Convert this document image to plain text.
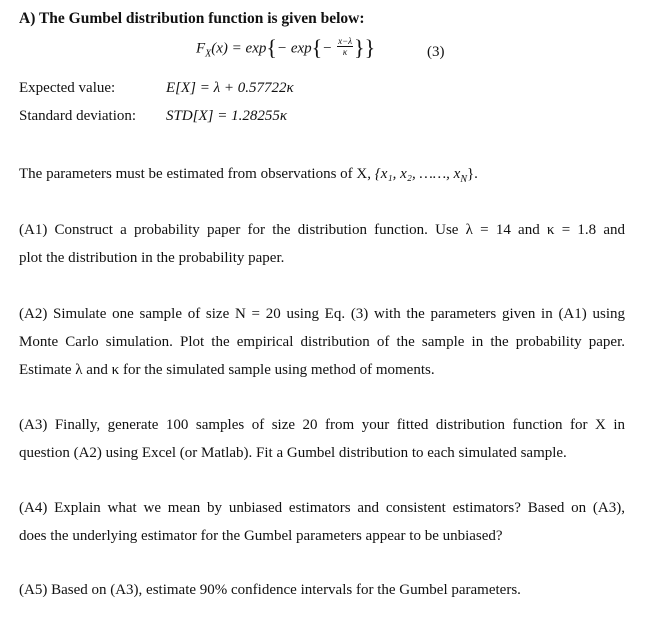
A) The Gumbel distribution function is given below:
$F_X(x) = \exp\{- \exp\{- \frac{x-\lambda}{\kappa}$ }}	(3)
Expected value:	E[X] = λ + 0.57722κ
Standard deviation: STD[X] = 1.28255κ
The parameters must be estimated from observations of X, {x₁, x₂, ……, $x_N$}.
(A1) Construct a probability paper for the distribution function. Use λ = 14 and κ = 1.8 and
plot the distribution in the probability paper.
(A2) Simulate one sample of size N = 20 using Eq. (3) with the parameters given in (A1) using
Monte Carlo simulation. Plot the empirical distribution of the sample in the probability paper.
Estimate λ and κ for the simulated sample using method of moments.
(A3) Finally, generate 100 samples of size 20 from your fitted distribution function for X in
question (A2) using Excel (or Matlab). Fit a Gumbel distribution to each simulated sample.
(A4) Explain what we mean by unbiased estimators and consistent estimators? Based on (A3),
does the underlying estimator for the Gumbel parameters appear to be unbiased?
(A5) Based on (A3), estimate 90% confidence intervals for the Gumbel parameters.
